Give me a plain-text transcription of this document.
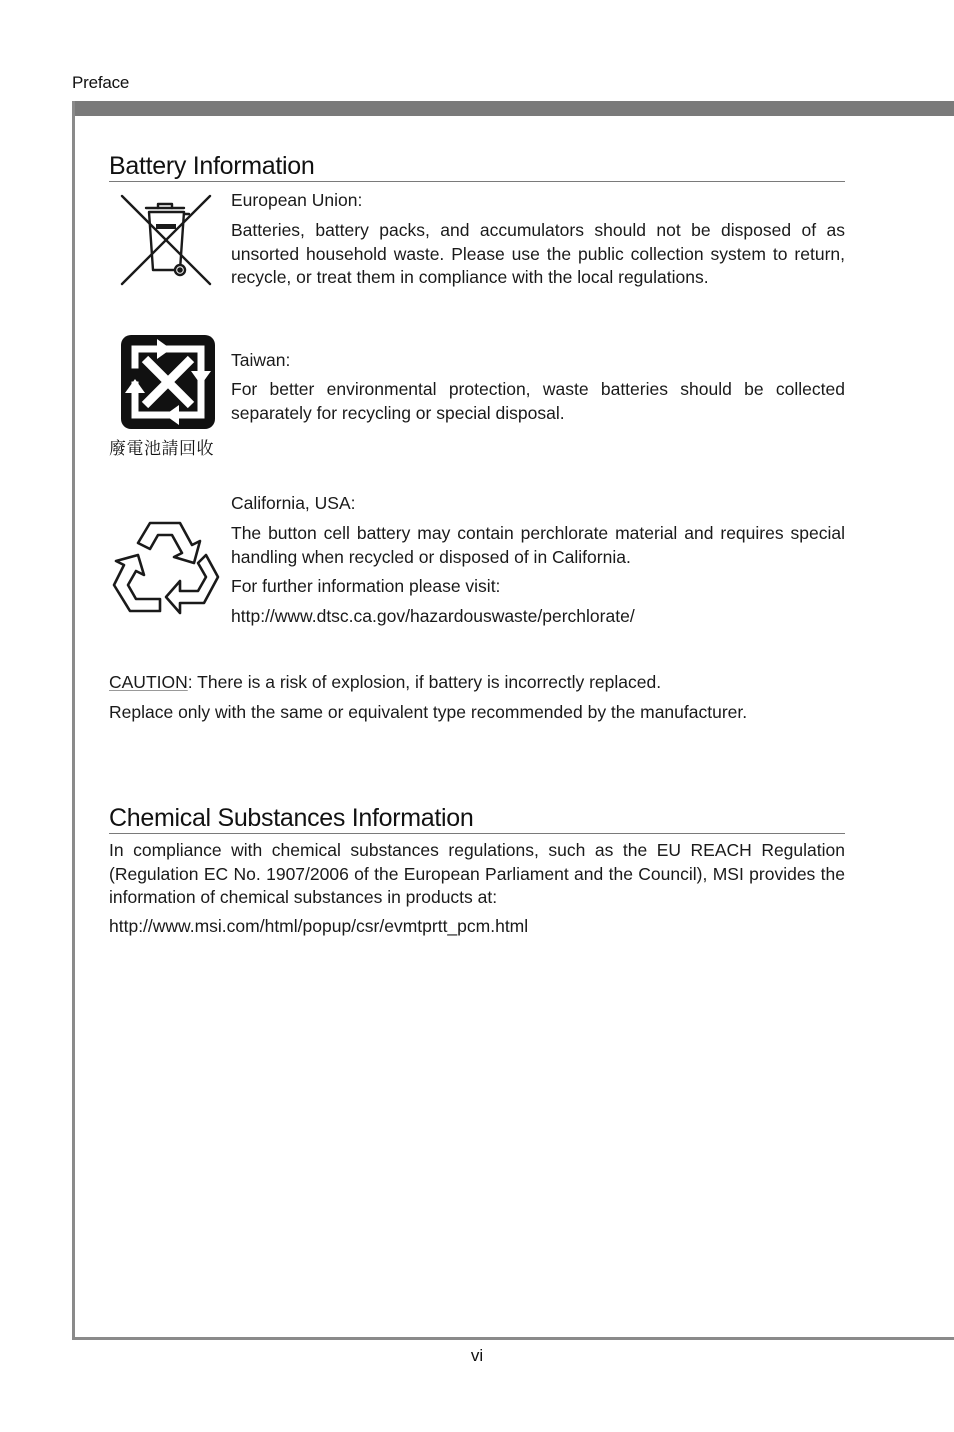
Preface
Battery Information
European Union:
Batteries, battery packs, and accumulators should not be disposed of as unsorted household waste. Please use the public collection system to return, recycle, or treat them in compliance with the local regulations.
廢電池請回收
Taiwan:
For better environmental protection, waste batteries should be collected separately for recycling or special disposal.
California, USA:
The button cell battery may contain perchlorate material and requires special handling when recycled or disposed of in California.
For further information please visit:
http://www.dtsc.ca.gov/hazardouswaste/perchlorate/
CAUTION: There is a risk of explosion, if battery is incorrectly replaced.
Replace only with the same or equivalent type recommended by the manufacturer.
Chemical Substances Information
In compliance with chemical substances regulations, such as the EU REACH Regulation (Regulation EC No. 1907/2006 of the European Parliament and the Council), MSI provides the information of chemical substances in products at:
http://www.msi.com/html/popup/csr/evmtprtt_pcm.html
vi
